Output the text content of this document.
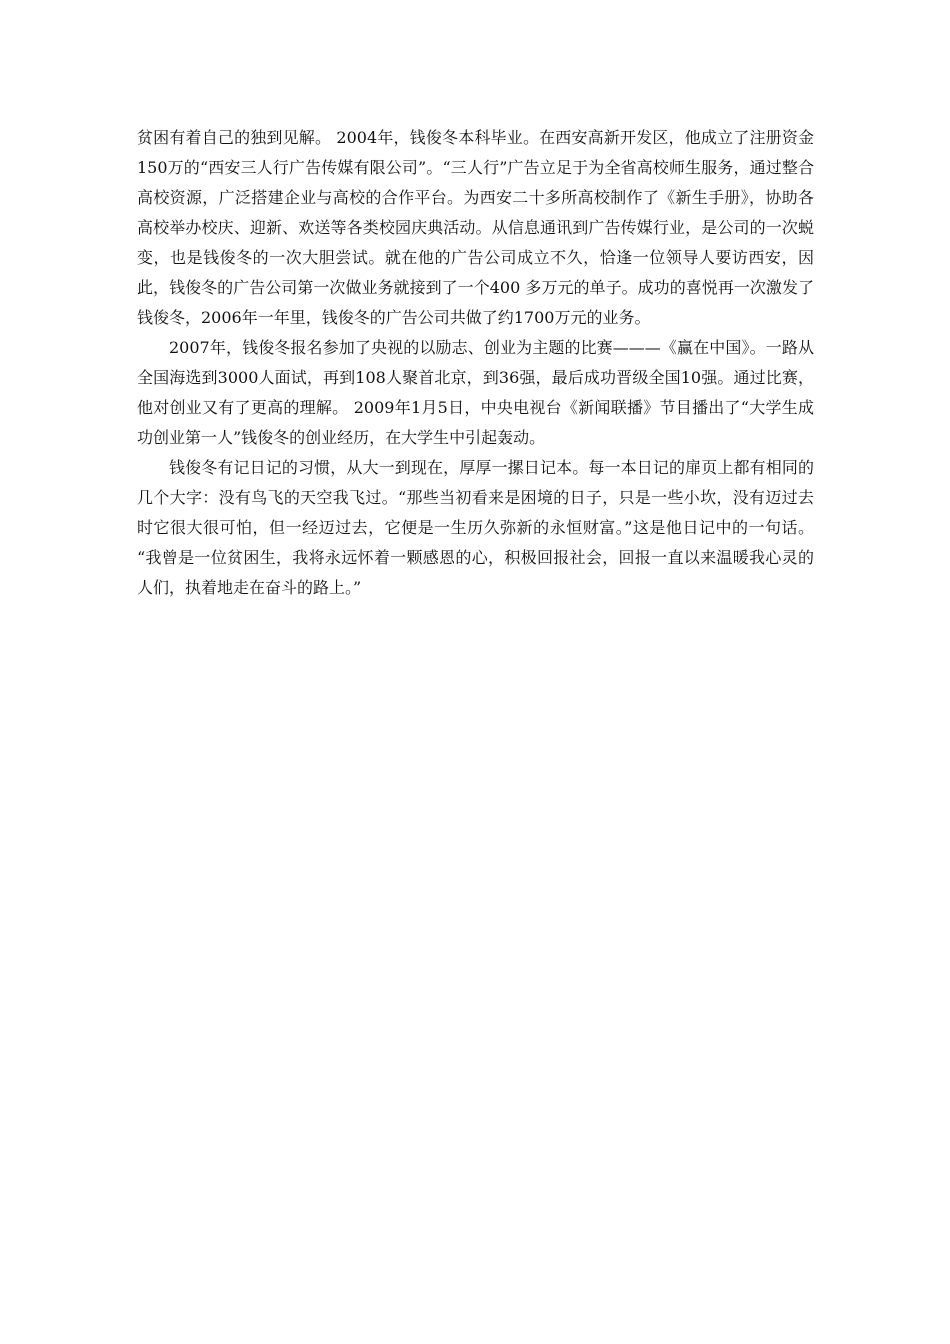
贫困有着自己的独到见解。 2004年，钱俊冬本科毕业。在西安高新开发区，他成立了注册资金150万的“西安三人行广告传媒有限公司”。“三人行”广告立足于为全省高校师生服务，通过整合高校资源，广泛搭建企业与高校的合作平台。为西安二十多所高校制作了《新生手册》，协助各高校举办校庆、迎新、欢送等各类校园庆典活动。从信息通讯到广告传媒行业，是公司的一次蜕变，也是钱俊冬的一次大胆尝试。就在他的广告公司成立不久，恰逢一位领导人要访西安，因此，钱俊冬的广告公司第一次做业务就接到了一个400 多万元的单子。成功的喜悦再一次激发了钱俊冬，2006年一年里，钱俊冬的广告公司共做了约1700万元的业务。

2007年，钱俊冬报名参加了央视的以励志、创业为主题的比赛———《赢在中国》。一路从全国海选到3000人面试，再到108人聚首北京，到36强，最后成功晋级全国10强。通过比赛，他对创业又有了更高的理解。 2009年1月5日，中央电视台《新闻联播》节目播出了“大学生成功创业第一人”钱俊冬的创业经历，在大学生中引起轰动。

钱俊冬有记日记的习惯，从大一到现在，厚厚一摞日记本。每一本日记的扉页上都有相同的几个大字：没有鸟飞的天空我飞过。“那些当初看来是困境的日子，只是一些小坎，没有迈过去时它很大很可怕，但一经迈过去，它便是一生历久弥新的永恒财富。”这是他日记中的一句话。 “我曾是一位贫困生，我将永远怀着一颗感恩的心，积极回报社会，回报一直以来温暖我心灵的人们，执着地走在奋斗的路上。”
